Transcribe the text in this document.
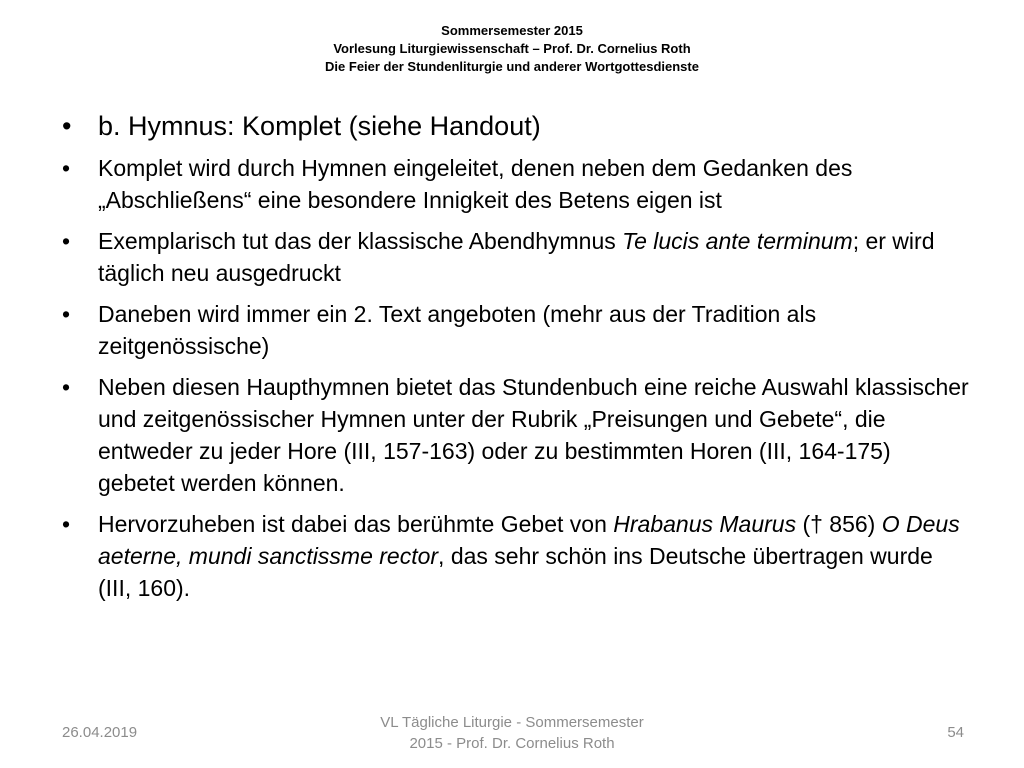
Sommersemester 2015
Vorlesung Liturgiewissenschaft – Prof. Dr. Cornelius Roth
Die Feier der Stundenliturgie und anderer Wortgottesdienste
• b. Hymnus: Komplet (siehe Handout)
•	Komplet wird durch Hymnen eingeleitet, denen neben dem Gedanken des „Abschließens“ eine besondere Innigkeit des Betens eigen ist
•	Exemplarisch tut das der klassische Abendhymnus Te lucis ante terminum; er wird täglich neu ausgedruckt
•	Daneben wird immer ein 2. Text angeboten (mehr aus der Tradition als zeitgenössische)
•	Neben diesen Haupthymnen bietet das Stundenbuch eine reiche Auswahl klassischer und zeitgenössischer Hymnen unter der Rubrik „Preisungen und Gebete“, die entweder zu jeder Hore (III, 157-163) oder zu bestimmten Horen (III, 164-175) gebetet werden können.
•	Hervorzuheben ist dabei das berühmte Gebet von Hrabanus Maurus († 856) O Deus aeterne, mundi sanctissme rector, das sehr schön ins Deutsche übertragen wurde (III, 160).
26.04.2019
VL Tägliche Liturgie - Sommersemester
2015 - Prof. Dr. Cornelius Roth
54
